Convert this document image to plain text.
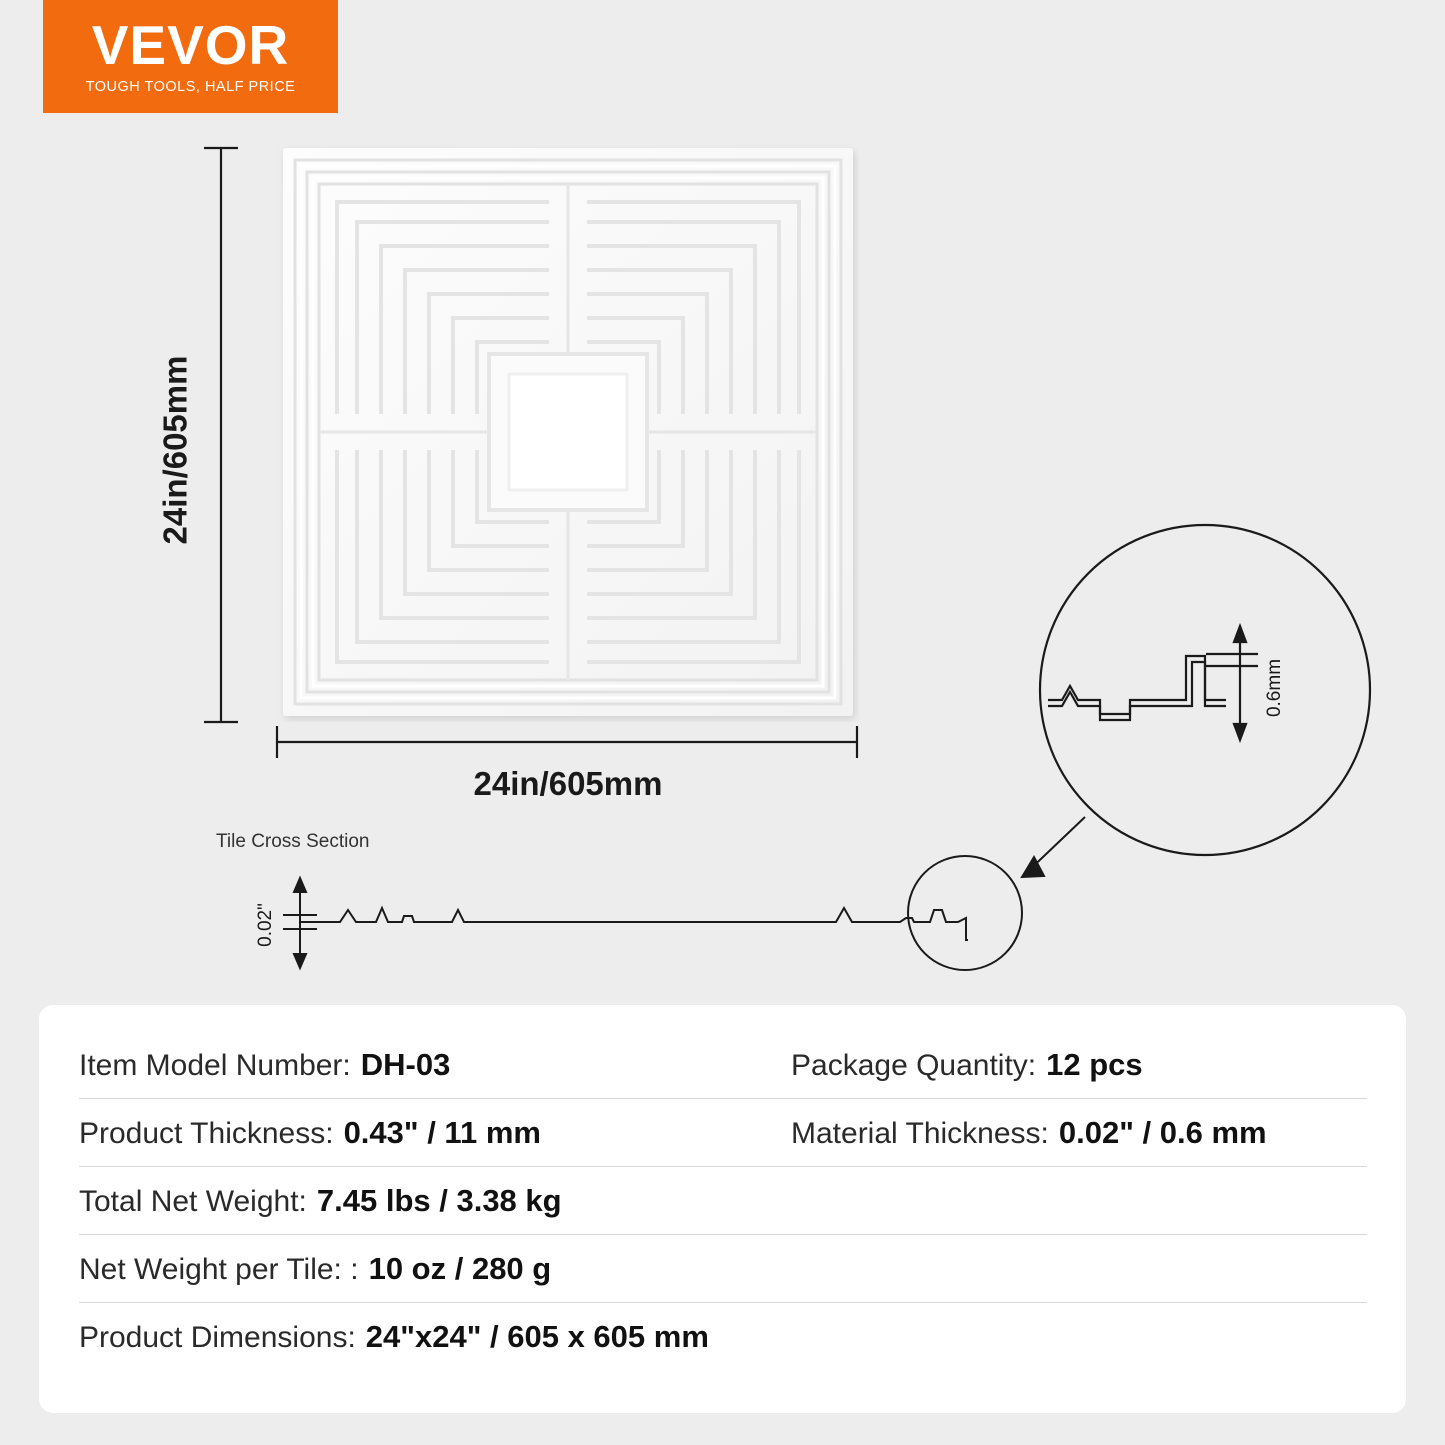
VEVOR
TOUGH TOOLS, HALF PRICE
24in/605mm
24in/605mm
Tile Cross Section
0.02"
0.6mm
Item Model Number: DH-03	Package Quantity: 12 pcs
Product Thickness: 0.43" / 11 mm	Material Thickness: 0.02" / 0.6 mm
Total Net Weight: 7.45 lbs / 3.38 kg
Net Weight per Tile: : 10 oz / 280 g
Product Dimensions: 24"x24" / 605 x 605 mm
